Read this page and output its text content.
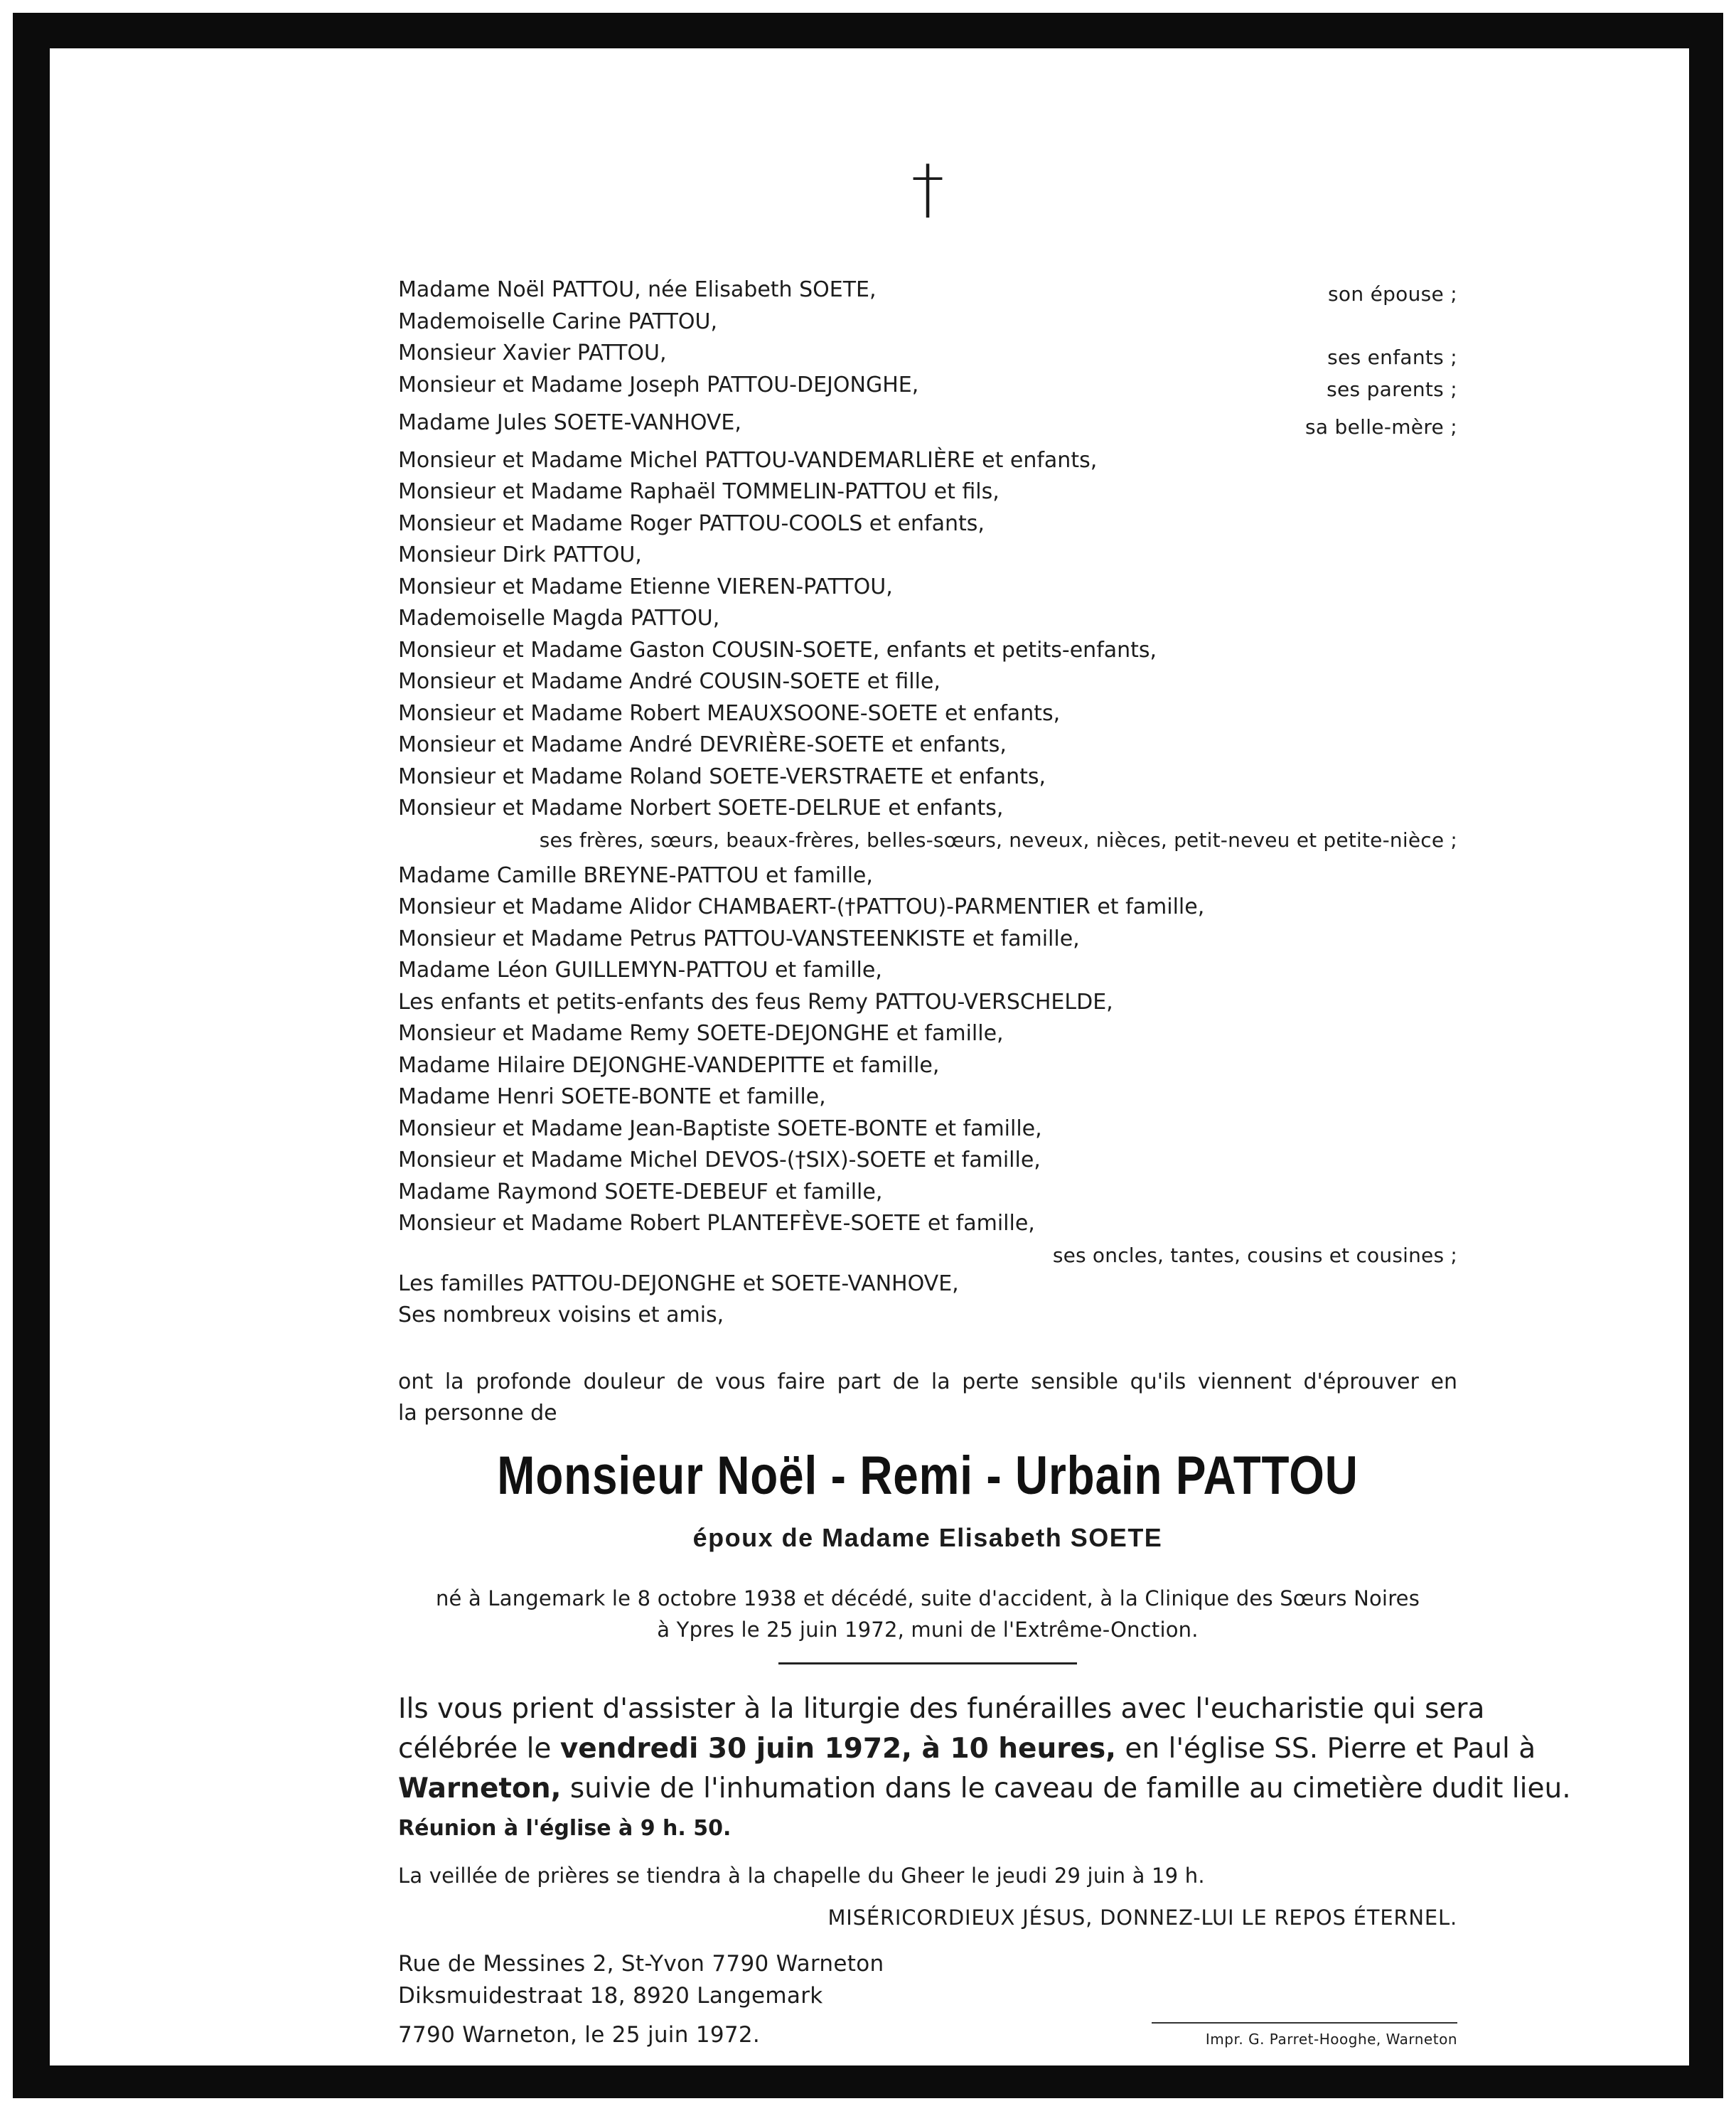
†
Madame Noël PATTOU, née Elisabeth SOETE,	son épouse ;
Mademoiselle Carine PATTOU,
Monsieur Xavier PATTOU,	ses enfants ;
Monsieur et Madame Joseph PATTOU-DEJONGHE,	ses parents ;
Madame Jules SOETE-VANHOVE,	sa belle-mère ;
Monsieur et Madame Michel PATTOU-VANDEMARLIÈRE et enfants,
Monsieur et Madame Raphaël TOMMELIN-PATTOU et fils,
Monsieur et Madame Roger PATTOU-COOLS et enfants,
Monsieur Dirk PATTOU,
Monsieur et Madame Etienne VIEREN-PATTOU,
Mademoiselle Magda PATTOU,
Monsieur et Madame Gaston COUSIN-SOETE, enfants et petits-enfants,
Monsieur et Madame André COUSIN-SOETE et fille,
Monsieur et Madame Robert MEAUXSOONE-SOETE et enfants,
Monsieur et Madame André DEVRIÈRE-SOETE et enfants,
Monsieur et Madame Roland SOETE-VERSTRAETE et enfants,
Monsieur et Madame Norbert SOETE-DELRUE et enfants,
ses frères, sœurs, beaux-frères, belles-sœurs, neveux, nièces, petit-neveu et petite-nièce ;
Madame Camille BREYNE-PATTOU et famille,
Monsieur et Madame Alidor CHAMBAERT-(†PATTOU)-PARMENTIER et famille,
Monsieur et Madame Petrus PATTOU-VANSTEENKISTE et famille,
Madame Léon GUILLEMYN-PATTOU et famille,
Les enfants et petits-enfants des feus Remy PATTOU-VERSCHELDE,
Monsieur et Madame Remy SOETE-DEJONGHE et famille,
Madame Hilaire DEJONGHE-VANDEPITTE et famille,
Madame Henri SOETE-BONTE et famille,
Monsieur et Madame Jean-Baptiste SOETE-BONTE et famille,
Monsieur et Madame Michel DEVOS-(†SIX)-SOETE et famille,
Madame Raymond SOETE-DEBEUF et famille,
Monsieur et Madame Robert PLANTEFÈVE-SOETE et famille,
ses oncles, tantes, cousins et cousines ;
Les familles PATTOU-DEJONGHE et SOETE-VANHOVE,
Ses nombreux voisins et amis,
ont la profonde douleur de vous faire part de la perte sensible qu'ils viennent d'éprouver en
la personne de
Monsieur Noël - Remi - Urbain PATTOU
époux de Madame Elisabeth SOETE
né à Langemark le 8 octobre 1938 et décédé, suite d'accident, à la Clinique des Sœurs Noires
à Ypres le 25 juin 1972, muni de l'Extrême-Onction.
Ils vous prient d'assister à la liturgie des funérailles avec l'eucharistie qui sera
célébrée le vendredi 30 juin 1972, à 10 heures, en l'église SS. Pierre et Paul à
Warneton, suivie de l'inhumation dans le caveau de famille au cimetière dudit lieu.
Réunion à l'église à 9 h. 50.
La veillée de prières se tiendra à la chapelle du Gheer le jeudi 29 juin à 19 h.
MISÉRICORDIEUX JÉSUS, DONNEZ-LUI LE REPOS ÉTERNEL.
Rue de Messines 2, St-Yvon 7790 Warneton
Diksmuidestraat 18, 8920 Langemark
7790 Warneton, le 25 juin 1972.	Impr. G. Parret-Hooghe, Warneton
